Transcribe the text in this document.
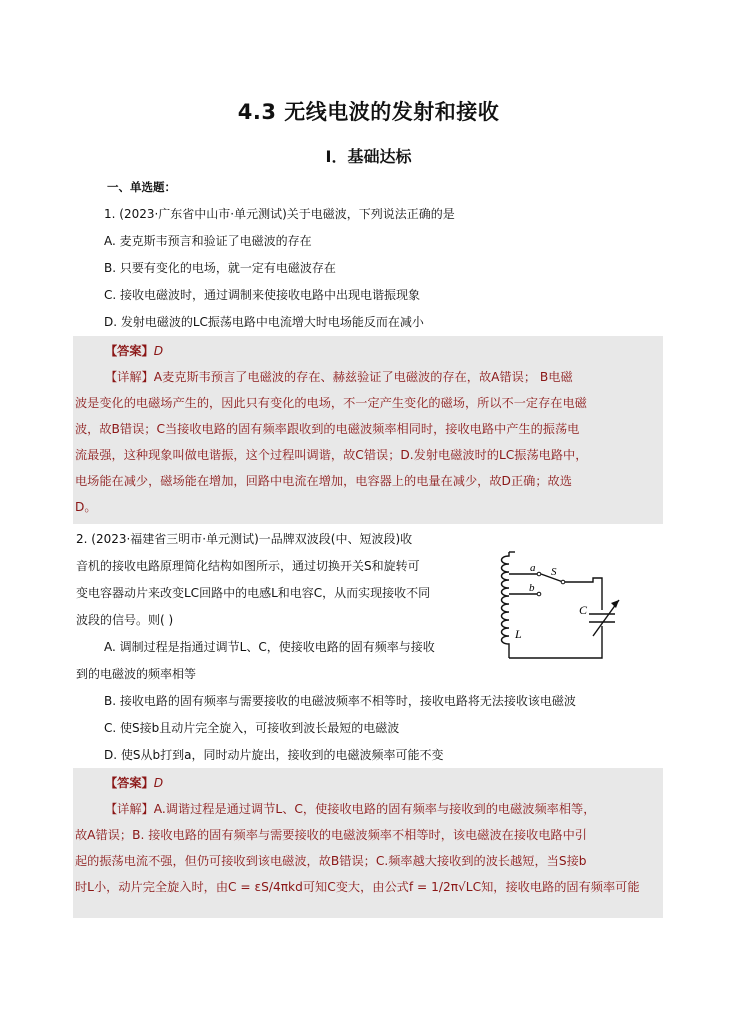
4.3 无线电波的发射和接收
Ⅰ．基础达标
一、单选题：
1. (2023·广东省中山市·单元测试)关于电磁波，下列说法正确的是
A. 麦克斯韦预言和验证了电磁波的存在
B. 只要有变化的电场，就一定有电磁波存在
C. 接收电磁波时，通过调制来使接收电路中出现电谐振现象
D. 发射电磁波的LC振荡电路中电流增大时电场能反而在减小
【答案】D
【详解】A麦克斯韦预言了电磁波的存在、赫兹验证了电磁波的存在，故A错误； B电磁
波是变化的电磁场产生的，因此只有变化的电场，不一定产生变化的磁场，所以不一定存在电磁
波，故B错误；C当接收电路的固有频率跟收到的电磁波频率相同时，接收电路中产生的振荡电
流最强，这种现象叫做电谐振，这个过程叫调谐，故C错误；D.发射电磁波时的LC振荡电路中，
电场能在减少，磁场能在增加，回路中电流在增加，电容器上的电量在减少，故D正确；故选
D。
2. (2023·福建省三明市·单元测试)一品牌双波段(中、短波段)收
音机的接收电路原理简化结构如图所示，通过切换开关S和旋转可
变电容器动片来改变LC回路中的电感L和电容C，从而实现接收不同
波段的信号。则( )
A. 调制过程是指通过调节L、C，使接收电路的固有频率与接收
到的电磁波的频率相等
B. 接收电路的固有频率与需要接收的电磁波频率不相等时，接收电路将无法接收该电磁波
C. 使S接b且动片完全旋入，可接收到波长最短的电磁波
D. 使S从b打到a，同时动片旋出，接收到的电磁波频率可能不变
a
b
S
C
L
【答案】D
【详解】A.调谐过程是通过调节L、C，使接收电路的固有频率与接收到的电磁波频率相等，
故A错误；B. 接收电路的固有频率与需要接收的电磁波频率不相等时，该电磁波在接收电路中引
起的振荡电流不强，但仍可接收到该电磁波，故B错误；C.频率越大接收到的波长越短，当S接b
时L小，动片完全旋入时，由C = εS/4πkd可知C变大，由公式f = 1/2π√LC知，接收电路的固有频率可能
